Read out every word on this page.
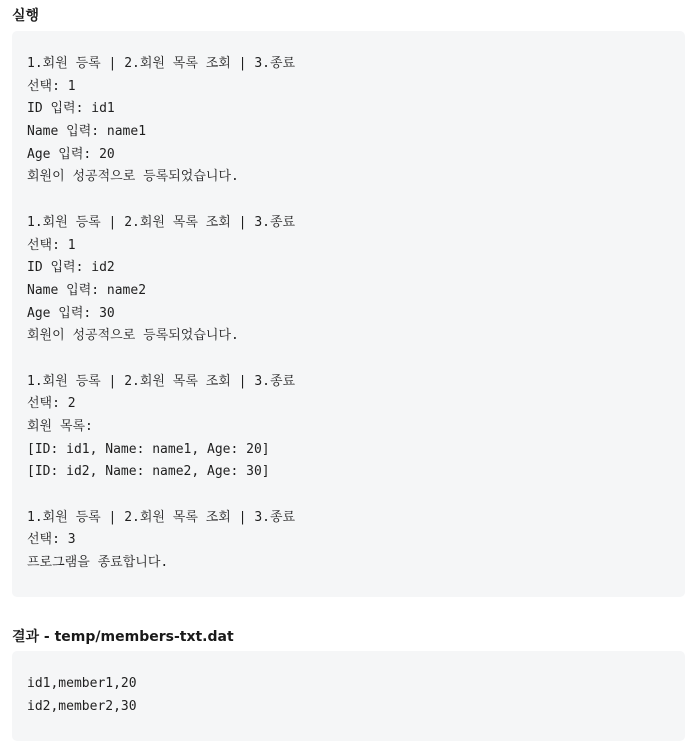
실행
1.회원 등록 | 2.회원 목록 조회 | 3.종료
선택: 1
ID 입력: id1
Name 입력: name1
Age 입력: 20
회원이 성공적으로 등록되었습니다.
1.회원 등록 | 2.회원 목록 조회 | 3.종료
선택: 1
ID 입력: id2
Name 입력: name2
Age 입력: 30
회원이 성공적으로 등록되었습니다.
1.회원 등록 | 2.회원 목록 조회 | 3.종료
선택: 2
회원 목록:
[ID: id1, Name: name1, Age: 20]
[ID: id2, Name: name2, Age: 30]
1.회원 등록 | 2.회원 목록 조회 | 3.종료
선택: 3
프로그램을 종료합니다.
결과 - temp/members-txt.dat
id1,member1,20
id2,member2,30
